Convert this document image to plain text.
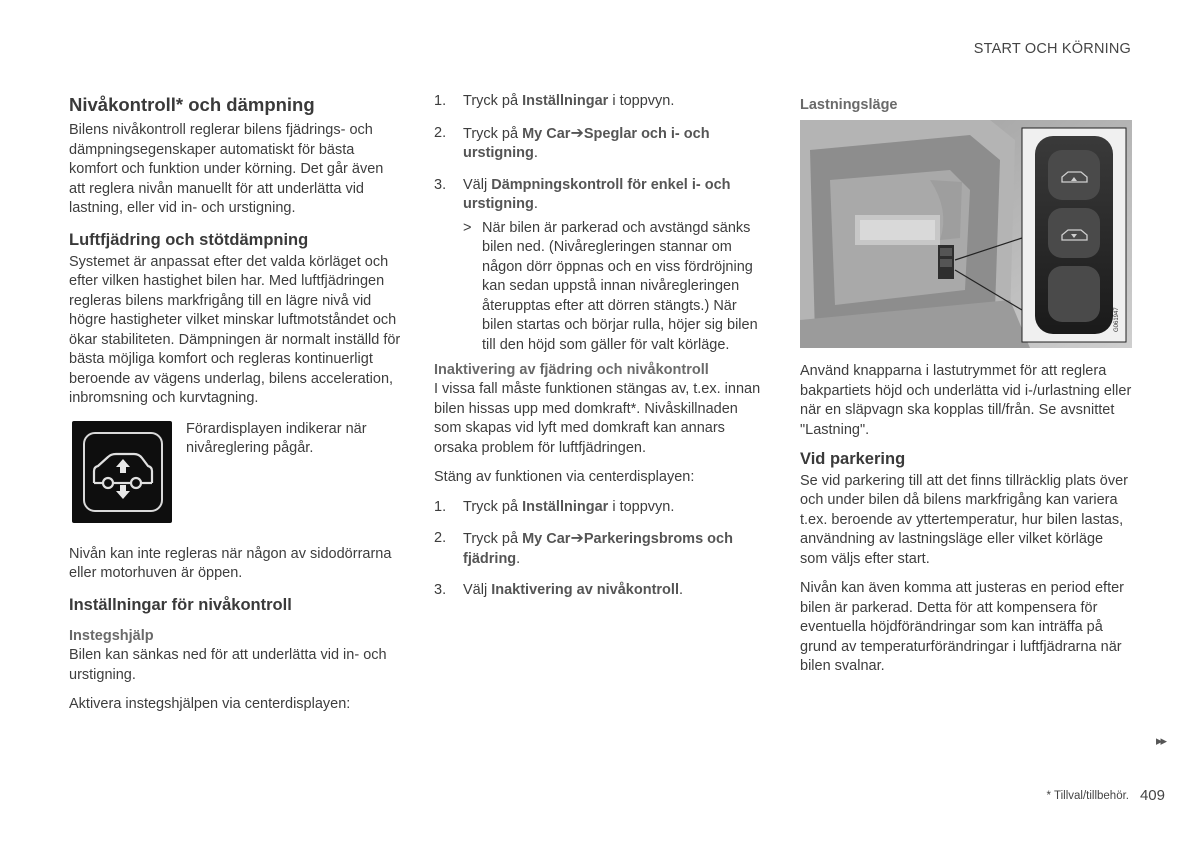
START OCH KÖRNING
Nivåkontroll* och dämpning

Bilens nivåkontroll reglerar bilens fjädrings- och dämpningsegenskaper automatiskt för bästa komfort och funktion under körning. Det går även att reglera nivån manuellt för att underlätta vid lastning, eller vid in- och urstigning.

Luftfjädring och stötdämpning

Systemet är anpassat efter det valda körläget och efter vilken hastighet bilen har. Med luftfjädringen regleras bilens markfrigång till en lägre nivå vid högre hastigheter vilket minskar luftmotståndet och ökar stabiliteten. Dämpningen är normalt inställd för bästa möjliga komfort och regleras kontinuerligt beroende av vägens underlag, bilens acceleration, inbromsning och kurvtagning.

Förardisplayen indikerar när nivåreglering pågår.

Nivån kan inte regleras när någon av sidodörrarna eller motorhuven är öppen.

Inställningar för nivåkontroll
Instegshjälp

Bilen kan sänkas ned för att underlätta vid in- och urstigning.

Aktivera instegshjälpen via centerdisplayen:

1. Tryck på Inställningar i toppvyn.
2. Tryck på My Car➔Speglar och i- och urstigning.
3. Välj Dämpningskontroll för enkel i- och urstigning.
> När bilen är parkerad och avstängd sänks bilen ned. (Nivåregleringen stannar om någon dörr öppnas och en viss fördröjning kan sedan uppstå innan nivåregleringen återupptas efter att dörren stängts.) När bilen startas och börjar rulla, höjer sig bilen till den höjd som gäller för valt körläge.
Inaktivering av fjädring och nivåkontroll

I vissa fall måste funktionen stängas av, t.ex. innan bilen hissas upp med domkraft*. Nivåskillnaden som skapas vid lyft med domkraft kan annars orsaka problem för luftfjädringen.

Stäng av funktionen via centerdisplayen:

1. Tryck på Inställningar i toppvyn.
2. Tryck på My Car➔Parkeringsbroms och fjädring.
3. Välj Inaktivering av nivåkontroll.
Lastningsläge
G061947

Använd knapparna i lastutrymmet för att reglera bakpartiets höjd och underlätta vid i-/urlastning eller när en släpvagn ska kopplas till/från. Se avsnittet "Lastning".

Vid parkering

Se vid parkering till att det finns tillräcklig plats över och under bilen då bilens markfrigång kan variera t.ex. beroende av yttertemperatur, hur bilen lastas, användning av lastningsläge eller vilket körläge som väljs efter start.

Nivån kan även komma att justeras en period efter bilen är parkerad. Detta för att kompensera för eventuella höjdförändringar som kan inträffa på grund av temperaturförändringar i luftfjädrarna när bilen svalnar.

▸▸
* Tillval/tillbehör. 409
